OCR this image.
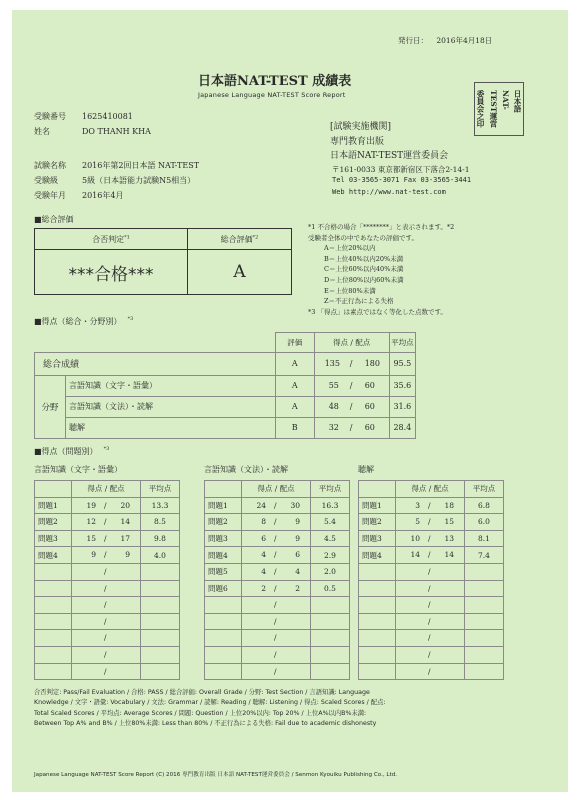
発行日： 2016年4月18日
日本語NAT-TEST 成績表
Japanese Language NAT-TEST Score Report	日本語
NAT-
TEST運営
委員会之印
受験番号 1625410081
姓名	DO THANH KHA
試験名称 2016年第2回日本語 NAT-TEST
受験級	5級（日本語能力試験N5相当）
受験年月 2016年4月
[試験実施機関]
専門教育出版
日本語NAT-TEST運営委員会
〒161-0033 東京都新宿区下落合2-14-1
Tel 03-3565-3071 Fax 03-3565-3441
Web http://www.nat-test.com
■総合評価
合否判定$^{*1}$	総合評価$^{*2}$
***合格***	A
*1 不合格の場合「********」と表示されます。*2
受験者全体の中であなたの評価です。
A＝上位20%以内
B＝上位40%以内20%未満
C＝上位60%以内40%未満
D＝上位80%以内60%未満
E＝上位80%未満
Z＝不正行為による失格
*3 「得点」は素点ではなく等化した点数です。
■得点（総合・分野別） $^{*3}$
		評価	得点 / 配点	平均点
総合成績		A	135 / 180	95.5
分野	言語知識（文字・語彙）	A	55 / 60	35.6
	言語知識（文法）・読解	A	48 / 60	31.6
	聴解	B	32 / 60	28.4
■得点（問題別） $^{*3}$
言語知識（文字・語彙）
	得点 / 配点	平均点
問題1	19 / 20	13.3
問題2	12 / 14	8.5
問題3	15 / 17	9.8
問題4	9 / 9	4.0

	/	

	/	

	/	

	/	

	/	

	/	

	/	

言語知識（文法）・読解
	得点 / 配点	平均点
問題1	24 / 30	16.3
問題2	8 / 9	5.4
問題3	6 / 9	4.5
問題4	4 / 6	2.9
問題5	4 / 4	2.0
問題6	2 / 2	0.5

	/	

	/	

	/	

	/	

	/	

聴解
	得点 / 配点	平均点
問題1	3 / 18	6.8
問題2	5 / 15	6.0
問題3	10 / 13	8.1
問題4	14 / 14	7.4

	/	

	/	

	/	

	/	

	/	

	/	

	/	

合否判定: Pass/Fail Evaluation / 合格: PASS / 総合評価: Overall Grade / 分野: Test Section / 言語知識: Language
Knowledge / 文字・語彙: Vocabulary / 文法: Grammar / 読解: Reading / 聴解: Listening / 得点: Scaled Scores / 配点:
Total Scaled Scores / 平均点: Average Scores / 問題: Question / 上位20%以内: Top 20% / 上位A%以内B%未満:
Between Top A% and B% / 上位80%未満: Less than 80% / 不正行為による失格: Fail due to academic dishonesty
Japanese Language NAT-TEST Score Report (C) 2016 専門教育出版 日本語 NAT-TEST運営委員会 / Senmon Kyouiku Publishing Co., Ltd.
